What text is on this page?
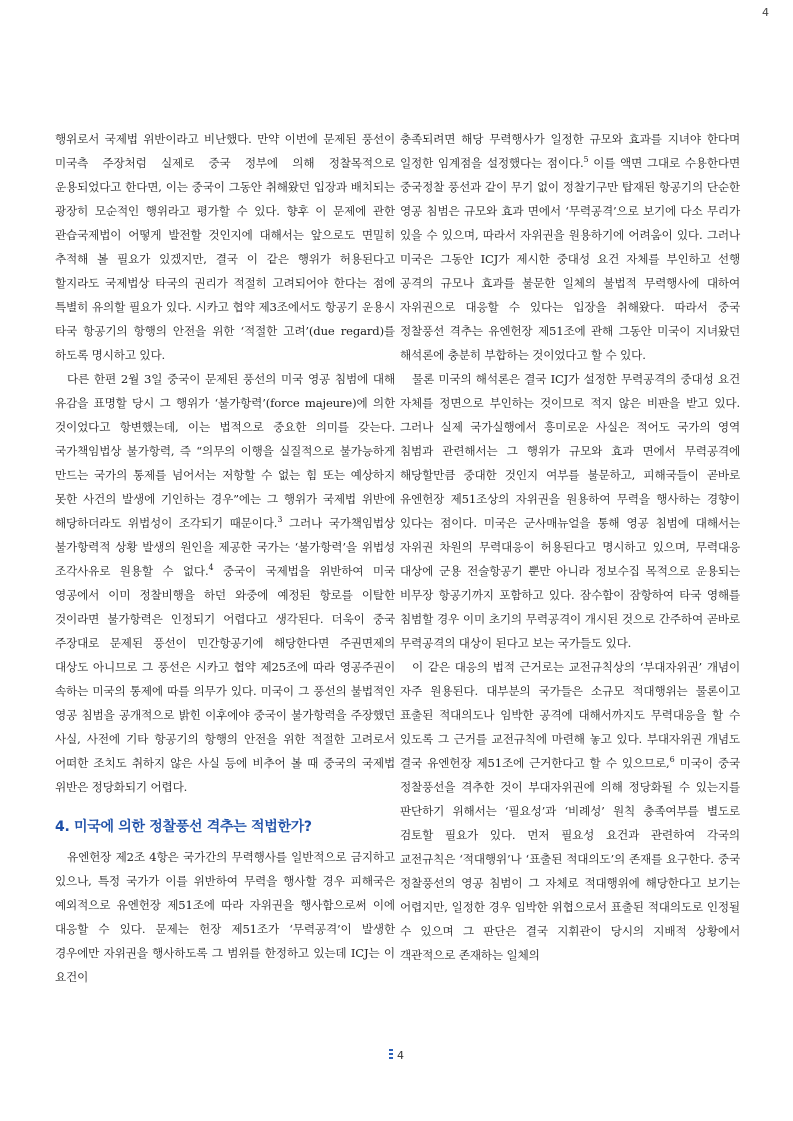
4

행위로서 국제법 위반이라고 비난했다. 만약 이번에 문제된 풍선이 미국측 주장처럼 실제로 중국 정부에 의해 정찰목적으로 운용되었다고 한다면, 이는 중국이 그동안 취해왔던 입장과 배치되는 광장히 모순적인 행위라고 평가할 수 있다. 향후 이 문제에 관한 관습국제법이 어떻게 발전할 것인지에 대해서는 앞으로도 면밀히 추적해 볼 필요가 있겠지만, 결국 이 같은 행위가 허용된다고 할지라도 국제법상 타국의 권리가 적절히 고려되어야 한다는 점에 특별히 유의할 필요가 있다. 시카고 협약 제3조에서도 항공기 운용시 타국 항공기의 항행의 안전을 위한 ‘적절한 고려’(due regard)를 하도록 명시하고 있다.

다른 한편 2월 3일 중국이 문제된 풍선의 미국 영공 침범에 대해 유감을 표명할 당시 그 행위가 ‘불가항력’(force majeure)에 의한 것이었다고 항변했는데, 이는 법적으로 중요한 의미를 갖는다. 국가책임법상 불가항력, 즉 “의무의 이행을 실질적으로 불가능하게 만드는 국가의 통제를 넘어서는 저항할 수 없는 힘 또는 예상하지 못한 사건의 발생에 기인하는 경우”에는 그 행위가 국제법 위반에 해당하더라도 위법성이 조각되기 때문이다.$^3$ 그러나 국가책임법상 불가항력적 상황 발생의 원인을 제공한 국가는 ‘불가항력’을 위법성 조각사유로 원용할 수 없다.$^4$ 중국이 국제법을 위반하여 미국 영공에서 이미 정찰비행을 하던 와중에 예정된 항로를 이탈한 것이라면 불가항력은 인정되기 어렵다고 생각된다. 더욱이 중국 주장대로 문제된 풍선이 민간항공기에 해당한다면 주권면제의 대상도 아니므로 그 풍선은 시카고 협약 제25조에 따라 영공주권이 속하는 미국의 통제에 따를 의무가 있다. 미국이 그 풍선의 불법적인 영공 침범을 공개적으로 밝힌 이후에야 중국이 불가항력을 주장했던 사실, 사전에 기타 항공기의 항행의 안전을 위한 적절한 고려로서 어떠한 조치도 취하지 않은 사실 등에 비추어 볼 때 중국의 국제법 위반은 정당화되기 어렵다.

4. 미국에 의한 정찰풍선 격추는 적법한가?

유엔헌장 제2조 4항은 국가간의 무력행사를 일반적으로 금지하고 있으나, 특정 국가가 이를 위반하여 무력을 행사할 경우 피해국은 예외적으로 유엔헌장 제51조에 따라 자위권을 행사함으로써 이에 대응할 수 있다. 문제는 헌장 제51조가 ‘무력공격’이 발생한 경우에만 자위권을 행사하도록 그 범위를 한정하고 있는데 ICJ는 이 요건이

충족되려면 해당 무력행사가 일정한 규모와 효과를 지녀야 한다며 일정한 임계점을 설정했다는 점이다.$^5$ 이를 액면 그대로 수용한다면 중국정찰 풍선과 같이 무기 없이 정찰기구만 탑재된 항공기의 단순한 영공 침범은 규모와 효과 면에서 ‘무력공격’으로 보기에 다소 무리가 있을 수 있으며, 따라서 자위권을 원용하기에 어려움이 있다. 그러나 미국은 그동안 ICJ가 제시한 중대성 요건 자체를 부인하고 선행 공격의 규모나 효과를 불문한 일체의 불법적 무력행사에 대하여 자위권으로 대응할 수 있다는 입장을 취해왔다. 따라서 중국 정찰풍선 격추는 유엔헌장 제51조에 관해 그동안 미국이 지녀왔던 해석론에 충분히 부합하는 것이었다고 할 수 있다.

물론 미국의 해석론은 결국 ICJ가 설정한 무력공격의 중대성 요건 자체를 정면으로 부인하는 것이므로 적지 않은 비판을 받고 있다. 그러나 실제 국가실행에서 흥미로운 사실은 적어도 국가의 영역 침범과 관련해서는 그 행위가 규모와 효과 면에서 무력공격에 해당할만큼 중대한 것인지 여부를 불문하고, 피해국들이 곧바로 유엔헌장 제51조상의 자위권을 원용하여 무력을 행사하는 경향이 있다는 점이다. 미국은 군사매뉴얼을 통해 영공 침범에 대해서는 자위권 차원의 무력대응이 허용된다고 명시하고 있으며, 무력대응 대상에 군용 전술항공기 뿐만 아니라 정보수집 목적으로 운용되는 비무장 항공기까지 포함하고 있다. 잠수함이 잠항하여 타국 영해를 침범할 경우 이미 초기의 무력공격이 개시된 것으로 간주하여 곧바로 무력공격의 대상이 된다고 보는 국가들도 있다.

이 같은 대응의 법적 근거로는 교전규칙상의 ‘부대자위권’ 개념이 자주 원용된다. 대부분의 국가들은 소규모 적대행위는 물론이고 표출된 적대의도나 임박한 공격에 대해서까지도 무력대응을 할 수 있도록 그 근거를 교전규칙에 마련해 놓고 있다. 부대자위권 개념도 결국 유엔헌장 제51조에 근거한다고 할 수 있으므로,$^6$ 미국이 중국 정찰풍선을 격추한 것이 부대자위권에 의해 정당화될 수 있는지를 판단하기 위해서는 ‘필요성’과 ‘비례성’ 원칙 충족여부를 별도로 검토할 필요가 있다. 먼저 필요성 요건과 관련하여 각국의 교전규칙은 ‘적대행위’나 ‘표출된 적대의도’의 존재를 요구한다. 중국 정찰풍선의 영공 침범이 그 자체로 적대행위에 해당한다고 보기는 어렵지만, 일정한 경우 임박한 위협으로서 표출된 적대의도로 인정될 수 있으며 그 판단은 결국 지휘관이 당시의 지배적 상황에서 객관적으로 존재하는 일체의

4
